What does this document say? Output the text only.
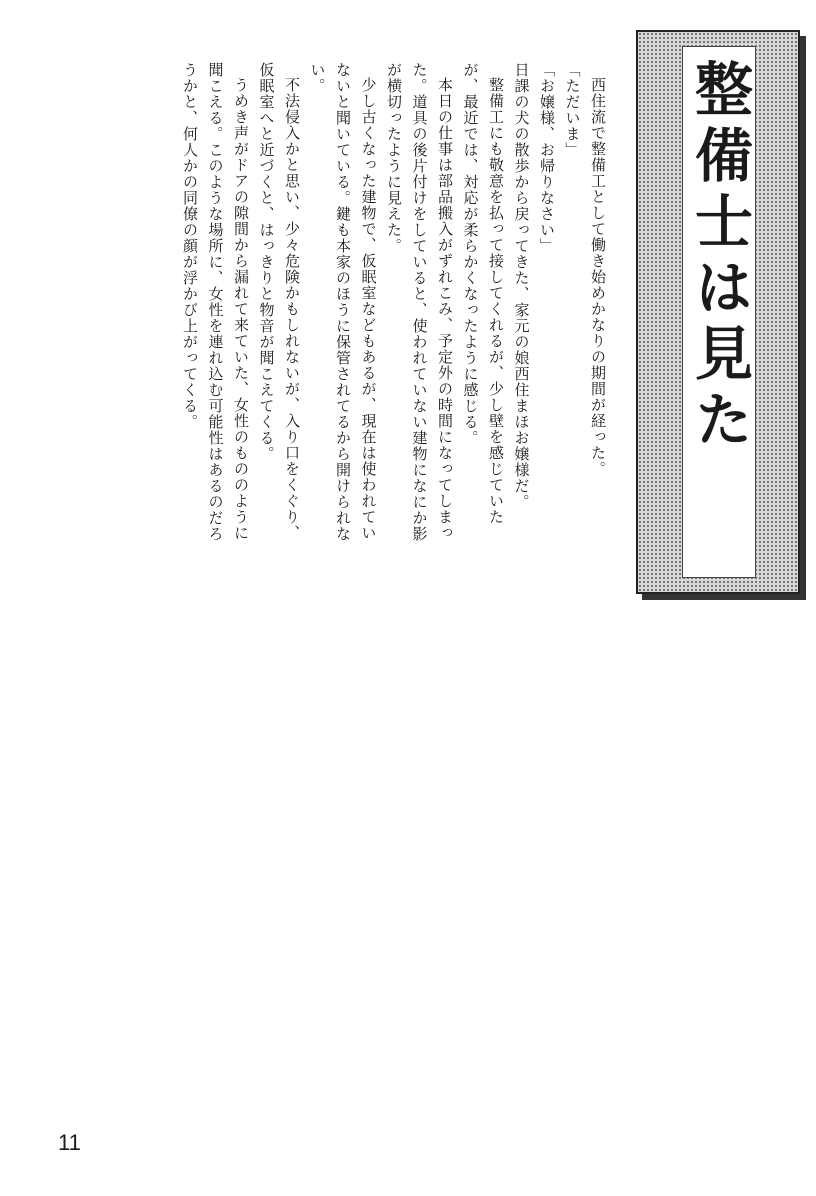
整備士は見た

西住流で整備工として働き始めかなりの期間が経った。

「ただいま」

「お嬢様、お帰りなさい」

日課の犬の散歩から戻ってきた、家元の娘西住まほお嬢様だ。

整備工にも敬意を払って接してくれるが、少し壁を感じていた

が、最近では、対応が柔らかくなったように感じる。

本日の仕事は部品搬入がずれこみ、予定外の時間になってしまっ

た。道具の後片付けをしていると、使われていない建物になにか影

が横切ったように見えた。

少し古くなった建物で、仮眠室などもあるが、現在は使われてい

ないと聞いている。鍵も本家のほうに保管されてるから開けられな

い。

不法侵入かと思い、少々危険かもしれないが、入り口をくぐり、

仮眠室へと近づくと、はっきりと物音が聞こえてくる。

うめき声がドアの隙間から漏れて来ていた、女性のもののように

聞こえる。このような場所に、女性を連れ込む可能性はあるのだろ

うかと、何人かの同僚の顔が浮かび上がってくる。

11
